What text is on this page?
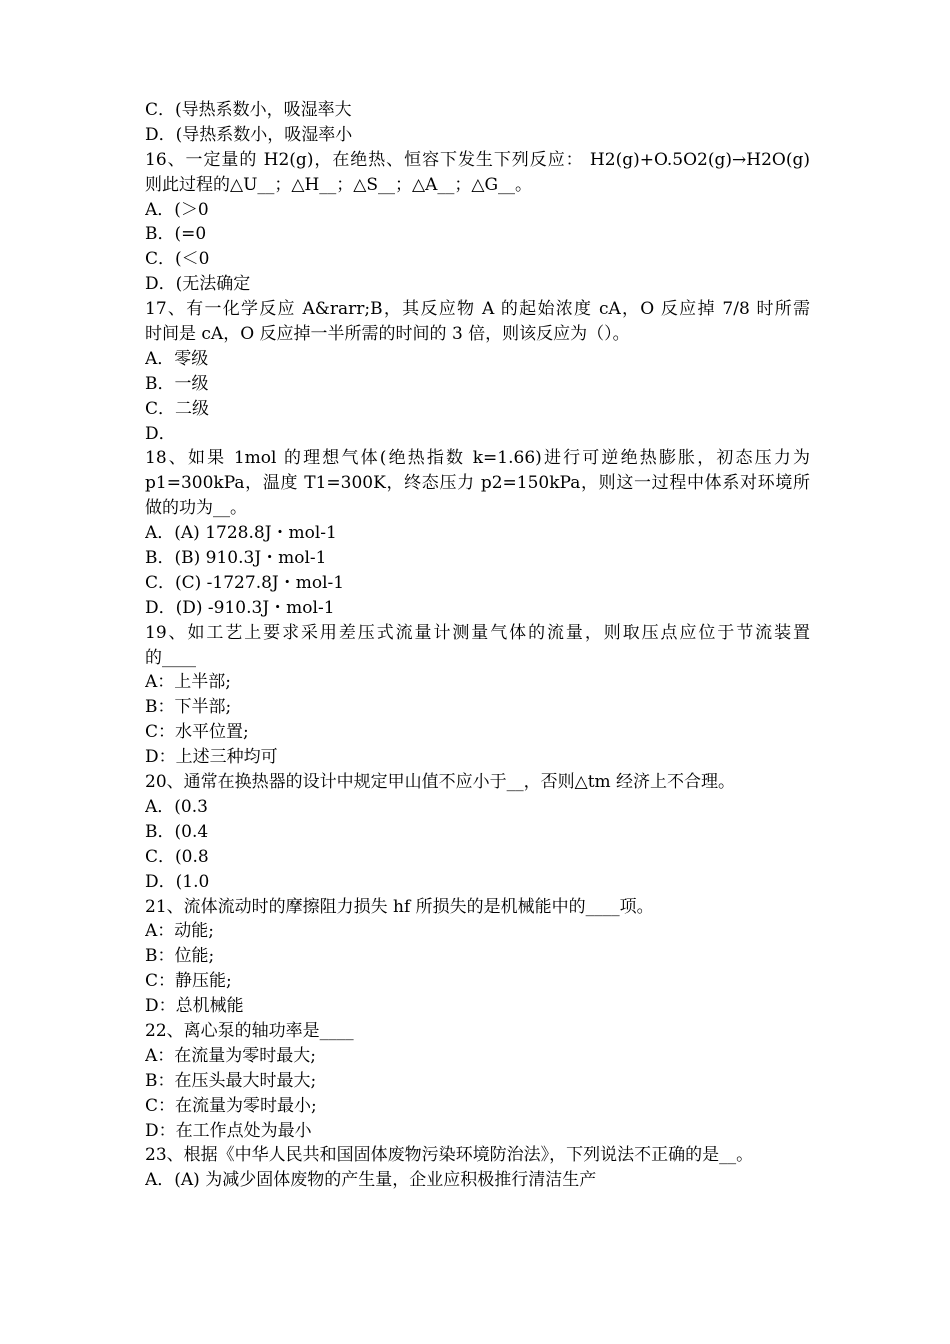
C．(导热系数小，吸湿率大
D．(导热系数小，吸湿率小
16、一定量的 H2(g)，在绝热、恒容下发生下列反应： H2(g)+O.5O2(g)→H2O(g)
则此过程的△U__；△H__；△S__；△A__；△G__。
A．(＞0
B．(=0
C．(＜0
D．(无法确定
17、有一化学反应 A&rarr;B，其反应物 A 的起始浓度 cA，O 反应掉 7/8 时所需
时间是 cA，O 反应掉一半所需的时间的 3 倍，则该反应为（）。
A．零级
B．一级
C．二级
D．
18、如果 1mol 的理想气体(绝热指数 k=1.66)进行可逆绝热膨胀，初态压力为
p1=300kPa，温度 T1=300K，终态压力 p2=150kPa，则这一过程中体系对环境所
做的功为__。
A．(A) 1728.8J・mol-1
B．(B) 910.3J・mol-1
C．(C) -1727.8J・mol-1
D．(D) -910.3J・mol-1
19、如工艺上要求采用差压式流量计测量气体的流量，则取压点应位于节流装置
的____
A：上半部;
B：下半部;
C：水平位置;
D：上述三种均可
20、通常在换热器的设计中规定甲山值不应小于__，否则△tm 经济上不合理。
A．(0.3
B．(0.4
C．(0.8
D．(1.0
21、流体流动时的摩擦阻力损失 hf 所损失的是机械能中的____项。
A：动能;
B：位能;
C：静压能;
D：总机械能
22、离心泵的轴功率是____
A：在流量为零时最大;
B：在压头最大时最大;
C：在流量为零时最小;
D：在工作点处为最小
23、根据《中华人民共和国固体废物污染环境防治法》，下列说法不正确的是__。
A．(A) 为减少固体废物的产生量，企业应积极推行清洁生产
